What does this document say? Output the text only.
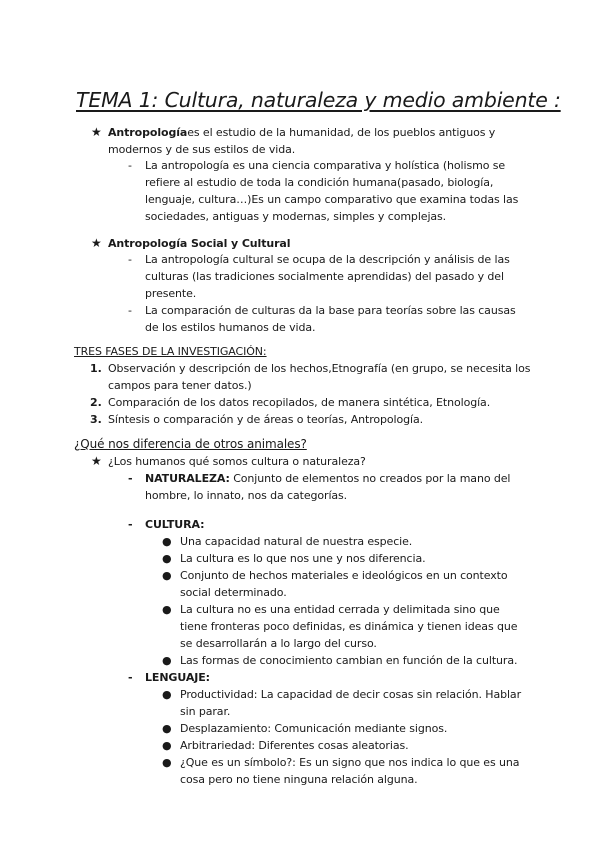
TEMA 1: Cultura, naturaleza y medio ambiente :
★ Antropologíaes el estudio de la humanidad, de los pueblos antiguos y
modernos y de sus estilos de vida.
- La antropología es una ciencia comparativa y holística (holismo se
refiere al estudio de toda la condición humana(pasado, biología,
lenguaje, cultura…)Es un campo comparativo que examina todas las
sociedades, antiguas y modernas, simples y complejas.
★ Antropología Social y Cultural
- La antropología cultural se ocupa de la descripción y análisis de las
culturas (las tradiciones socialmente aprendidas) del pasado y del
presente.
- La comparación de culturas da la base para teorías sobre las causas
de los estilos humanos de vida.
TRES FASES DE LA INVESTIGACIÓN:
1. Observación y descripción de los hechos,Etnografía (en grupo, se necesita los
campos para tener datos.)
2. Comparación de los datos recopilados, de manera sintética, Etnología.
3. Síntesis o comparación y de áreas o teorías, Antropología.
¿Qué nos diferencia de otros animales?
★ ¿Los humanos qué somos cultura o naturaleza?
- NATURALEZA: Conjunto de elementos no creados por la mano del
hombre, lo innato, nos da categorías.
- CULTURA:
● Una capacidad natural de nuestra especie.
● La cultura es lo que nos une y nos diferencia.
● Conjunto de hechos materiales e ideológicos en un contexto
social determinado.
● La cultura no es una entidad cerrada y delimitada sino que
tiene fronteras poco definidas, es dinámica y tienen ideas que
se desarrollarán a lo largo del curso.
● Las formas de conocimiento cambian en función de la cultura.
- LENGUAJE:
● Productividad: La capacidad de decir cosas sin relación. Hablar
sin parar.
● Desplazamiento: Comunicación mediante signos.
● Arbitrariedad: Diferentes cosas aleatorias.
● ¿Que es un símbolo?: Es un signo que nos indica lo que es una
cosa pero no tiene ninguna relación alguna.
